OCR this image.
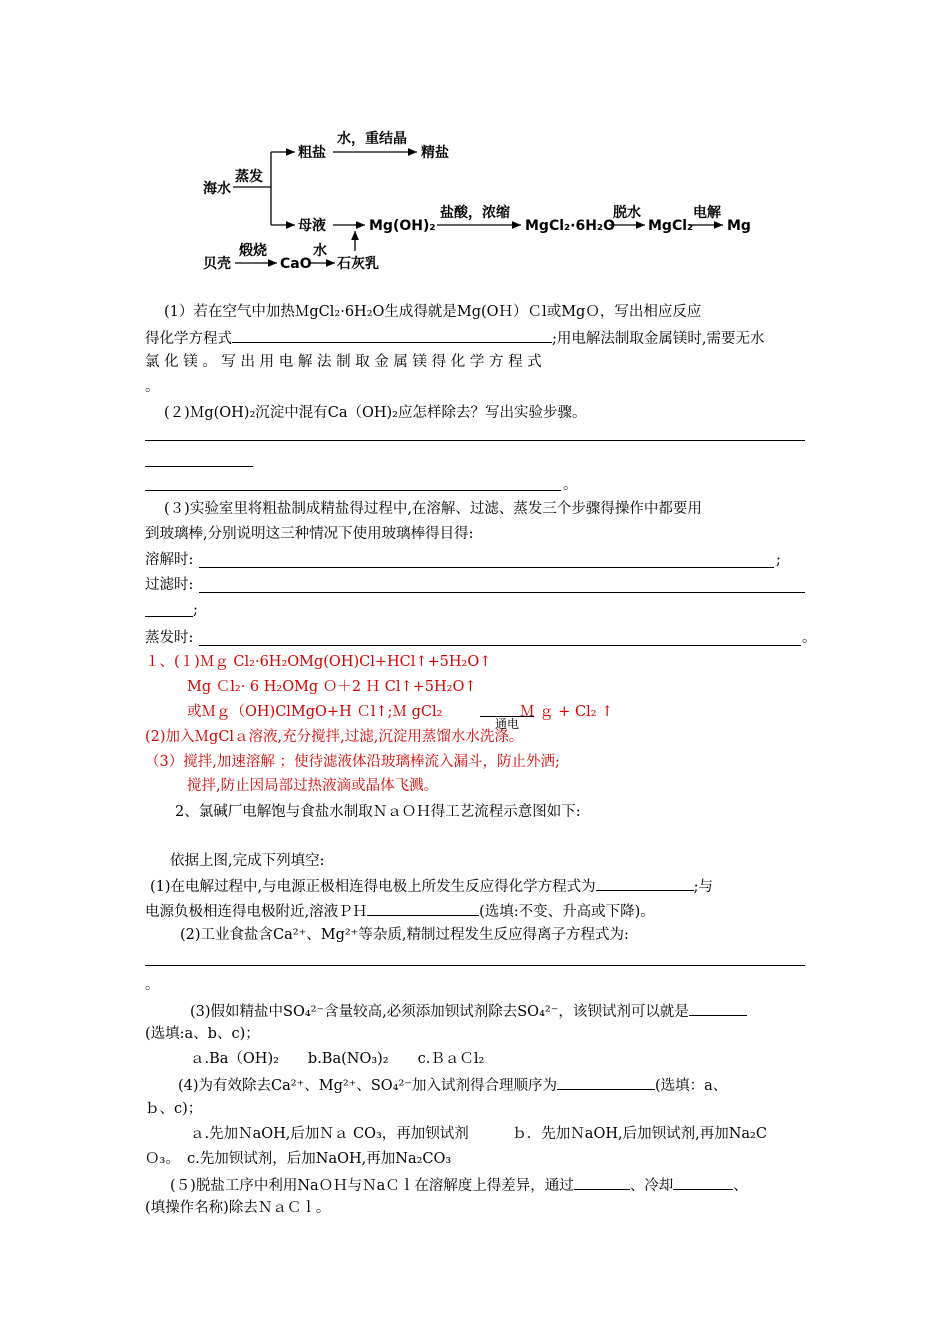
海水
蒸发
粗盐
水，重结晶
精盐
母液	Mg(OH)₂
盐酸，浓缩
MgCl₂·6H₂O
脱水
MgCl₂
电解
Mg
贝壳
煅烧
CaO
水
石灰乳
(1）若在空气中加热ＭgCl₂·6H₂O生成得就是Mg(OＨ）Ｃl或MgＯ，写出相应反应
得化学方程式	;用电解法制取金属镁时,需要无水
氯 化 镁 。 写 出 用 电 解 法 制 取 金 属 镁 得 化 学 方 程 式
。
(２)Ｍg(OH)₂沉淀中混有Ca（OH)₂应怎样除去？写出实验步骤。
。
(３)实验室里将粗盐制成精盐得过程中,在溶解、过滤、蒸发三个步骤得操作中都要用
到玻璃棒,分别说明这三种情况下使用玻璃棒得目得:
溶解时:	;
过滤时:
;
蒸发时:	。
１、(１)Ｍｇ Cl₂·6H₂OMg(OH)Cl+HCl↑+5H₂O↑
Mg Ｃl₂· 6 H₂OMg Ｏ＋2 Ｈ Cl↑+5H₂O↑
或Ｍｇ（OH)ClMgO+H Ｃl↑;Ｍ gCl₂	Ｍ ｇ + Cl₂ ↑
通电
(2)加入ＭgClａ溶液,充分搅拌,过滤,沉淀用蒸馏水水洗涤。
（3）搅拌,加速溶解 ；使待滤液体沿玻璃棒流入漏斗，防止外洒;
搅拌,防止因局部过热液滴或晶体飞溅。
2、氯碱厂电解饱与食盐水制取ＮａＯＨ得工艺流程示意图如下:
依据上图,完成下列填空:
(1)在电解过程中,与电源正极相连得电极上所发生反应得化学方程式为	;与
电源负极相连得电极附近,溶液ＰＨ	(选填:不变、升高或下降)。
(2)工业食盐含Ca²⁺、Mg²⁺等杂质,精制过程发生反应得离子方程式为:
。
(3)假如精盐中SO₄²⁻含量较高,必须添加钡试剂除去SO₄²⁻，该钡试剂可以就是
(选填:a、b、c)；
ａ.Ba（OH)₂　　b.Ba(NO₃)₂　　c.ＢａＣl₂
(4)为有效除去Ca²⁺、Mg²⁺、SO₄²⁻加入试剂得合理顺序为	(选填：a、
ｂ、c)；
ａ.先加ＮaOH,后加Ｎａ CO₃，再加钡试剂　　　ｂ．先加ＮaOH,后加钡试剂,再加Na₂C
Ｏ₃。　c.先加钡试剂，后加NaOH,再加Na₂CO₃
(５)脱盐工序中利用NaＯＨ与ＮaＣｌ在溶解度上得差异，通过	、冷却	、
(填操作名称)除去ＮａＣｌ。
